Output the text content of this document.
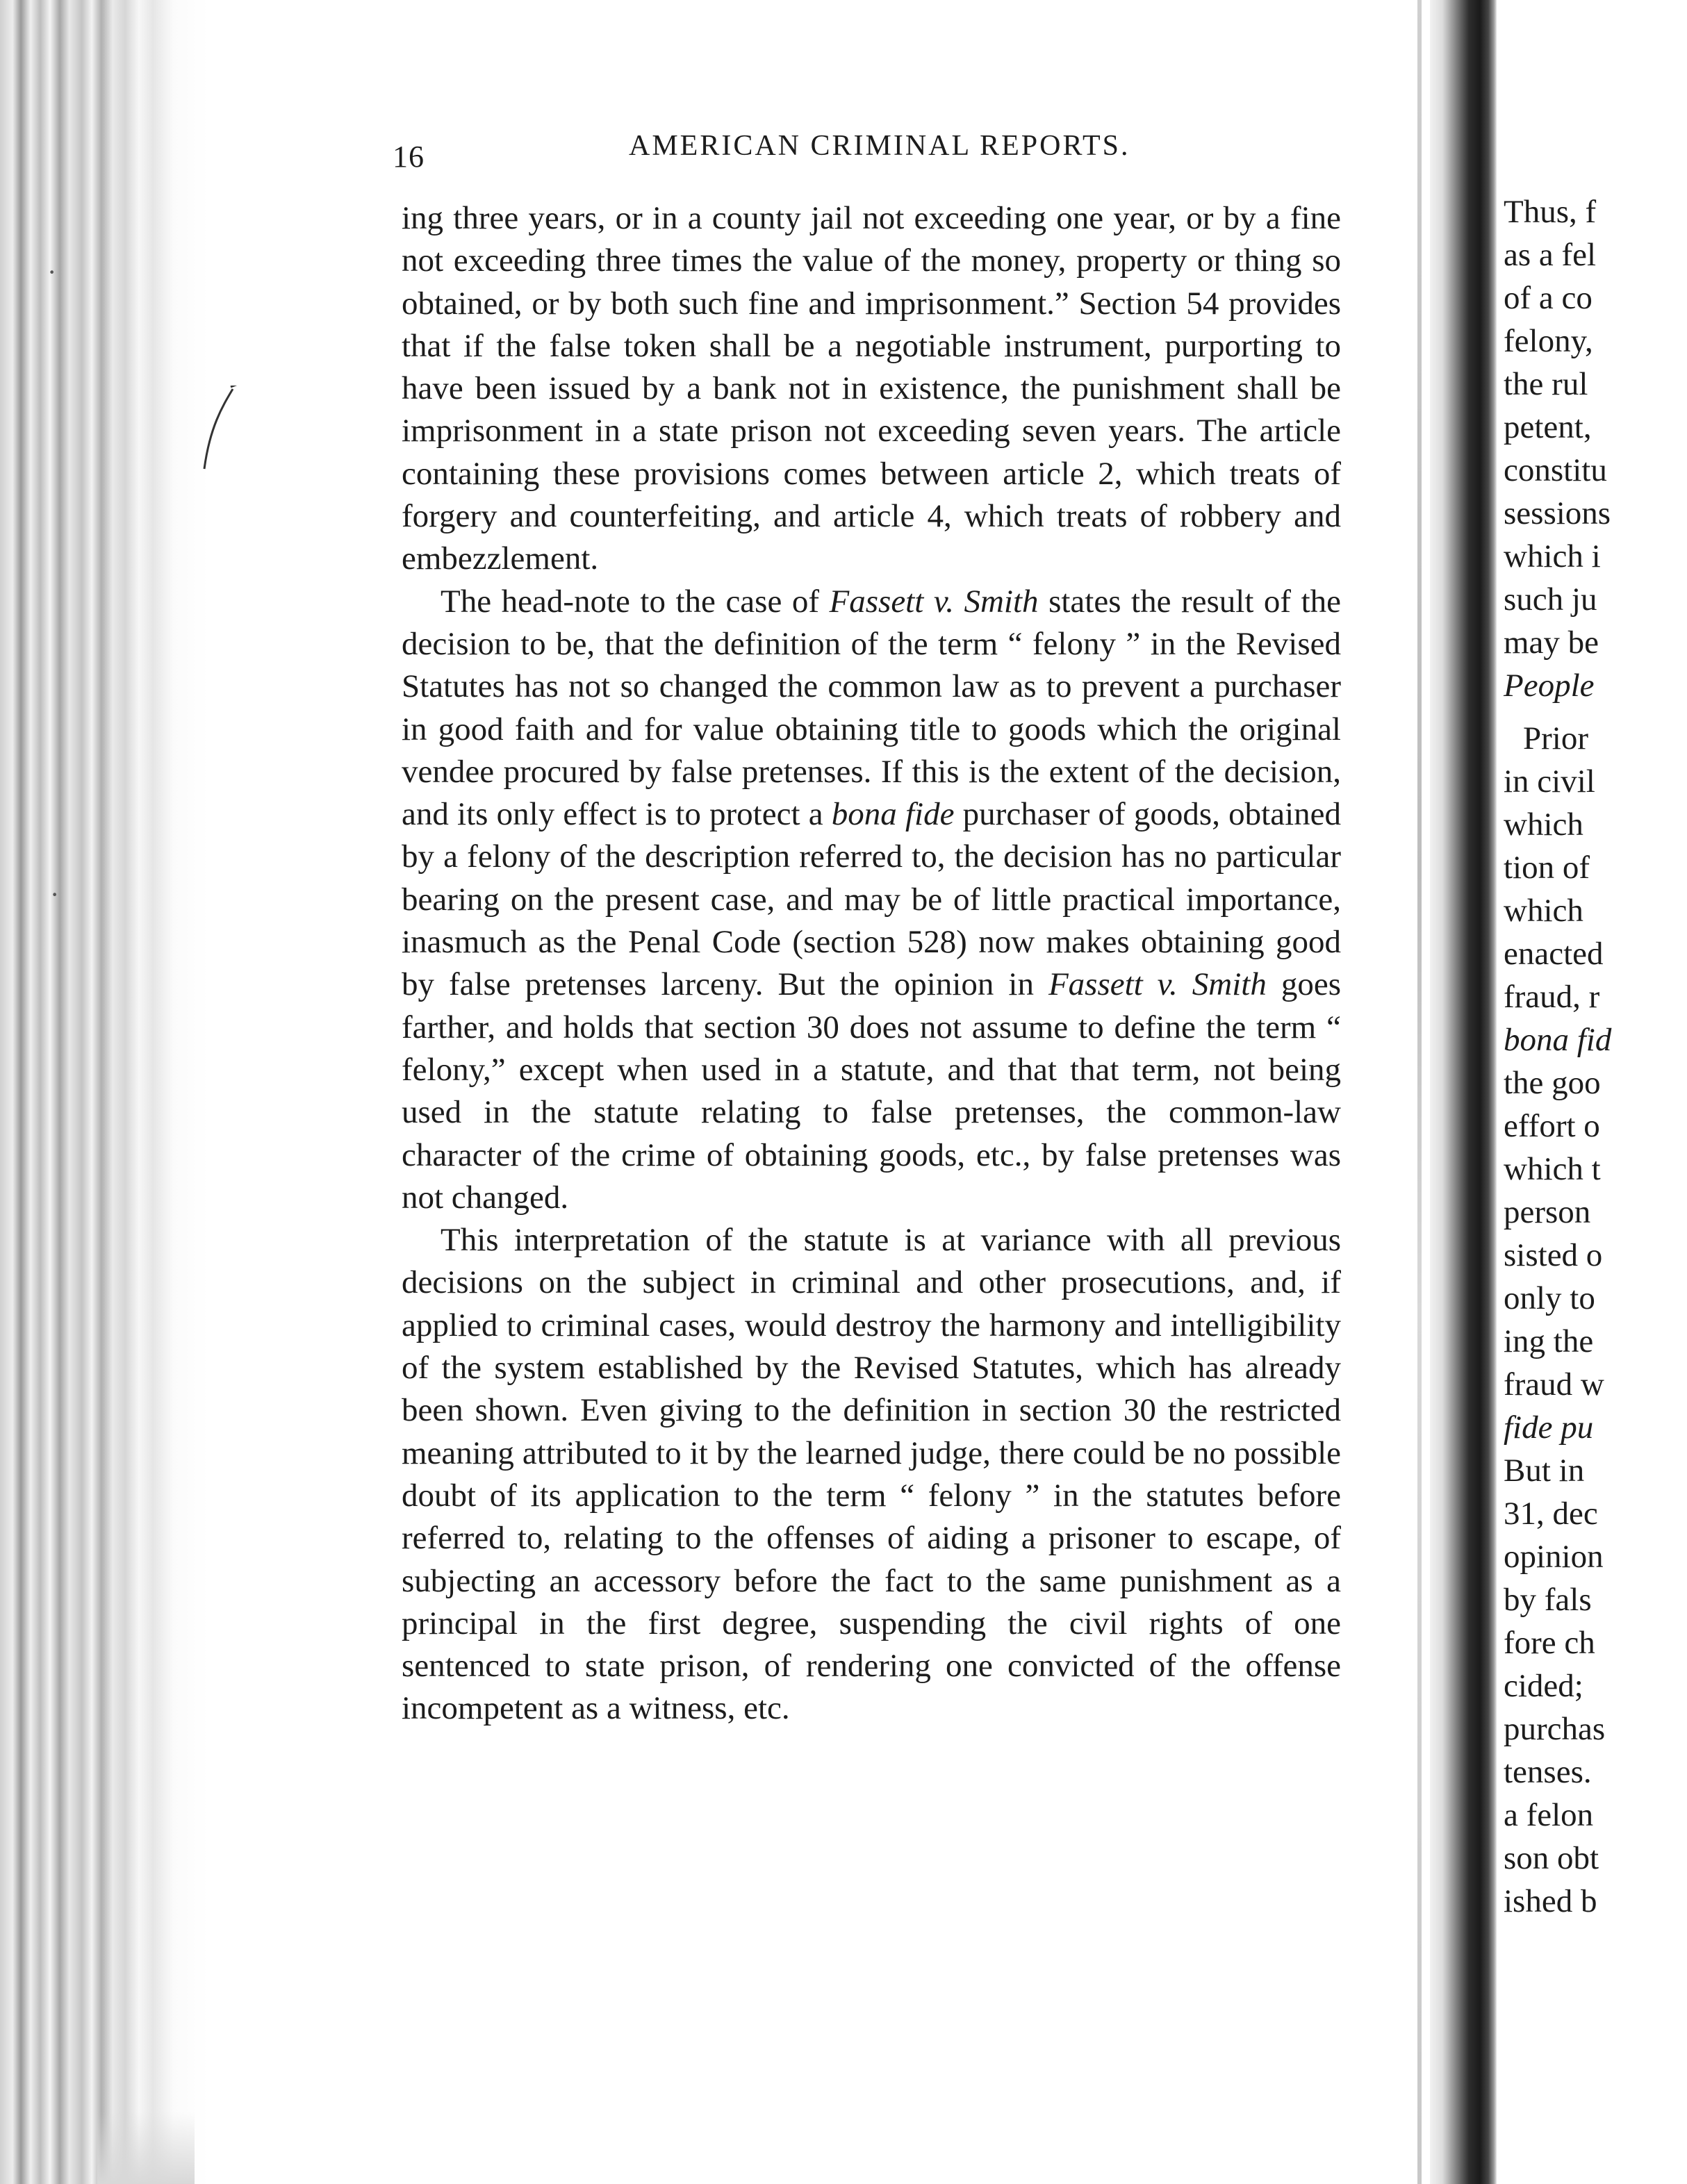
·
·
16	AMERICAN CRIMINAL REPORTS.

ing three years, or in a county jail not exceeding one year, or by a fine not exceeding three times the value of the money, property or thing so obtained, or by both such fine and imprisonment.” Section 54 provides that if the false token shall be a negotiable instrument, purporting to have been issued by a bank not in existence, the punishment shall be imprisonment in a state prison not exceeding seven years. The article containing these provisions comes between article 2, which treats of forgery and counterfeiting, and article 4, which treats of robbery and embezzlement.

The head-note to the case of Fassett v. Smith states the result of the decision to be, that the definition of the term “ felony ” in the Revised Statutes has not so changed the common law as to prevent a purchaser in good faith and for value obtaining title to goods which the original vendee procured by false pretenses. If this is the extent of the decision, and its only effect is to protect a bona fide purchaser of goods, obtained by a felony of the description referred to, the decision has no particular bearing on the present case, and may be of little practical importance, inasmuch as the Penal Code (section 528) now makes obtaining good by false pretenses larceny. But the opinion in Fassett v. Smith goes farther, and holds that section 30 does not assume to define the term “ felony,” except when used in a statute, and that that term, not being used in the statute relating to false pretenses, the common-law character of the crime of obtaining goods, etc., by false pretenses was not changed.

This interpretation of the statute is at variance with all previous decisions on the subject in criminal and other prosecutions, and, if applied to criminal cases, would destroy the harmony and intelligibility of the system established by the Revised Statutes, which has already been shown. Even giving to the definition in section 30 the restricted meaning attributed to it by the learned judge, there could be no possible doubt of its application to the term “ felony ” in the statutes before referred to, relating to the offenses of aiding a prisoner to escape, of subjecting an accessory before the fact to the same punishment as a principal in the first degree, suspending the civil rights of one sentenced to state prison, of rendering one convicted of the offense incompetent as a witness, etc.

Thus, f
as a fel
of a co
felony,
the rul
petent,
constitu
sessions
which i
such ju
may be
People
Prior
in civil
which
tion of
which
enacted
fraud, r
bona fid
the goo
effort o
which t
person
sisted o
only to
ing the
fraud w
fide pu
But in
31, dec
opinion
by fals
fore ch
cided;
purchas
tenses.
a felon
son obt
ished b
